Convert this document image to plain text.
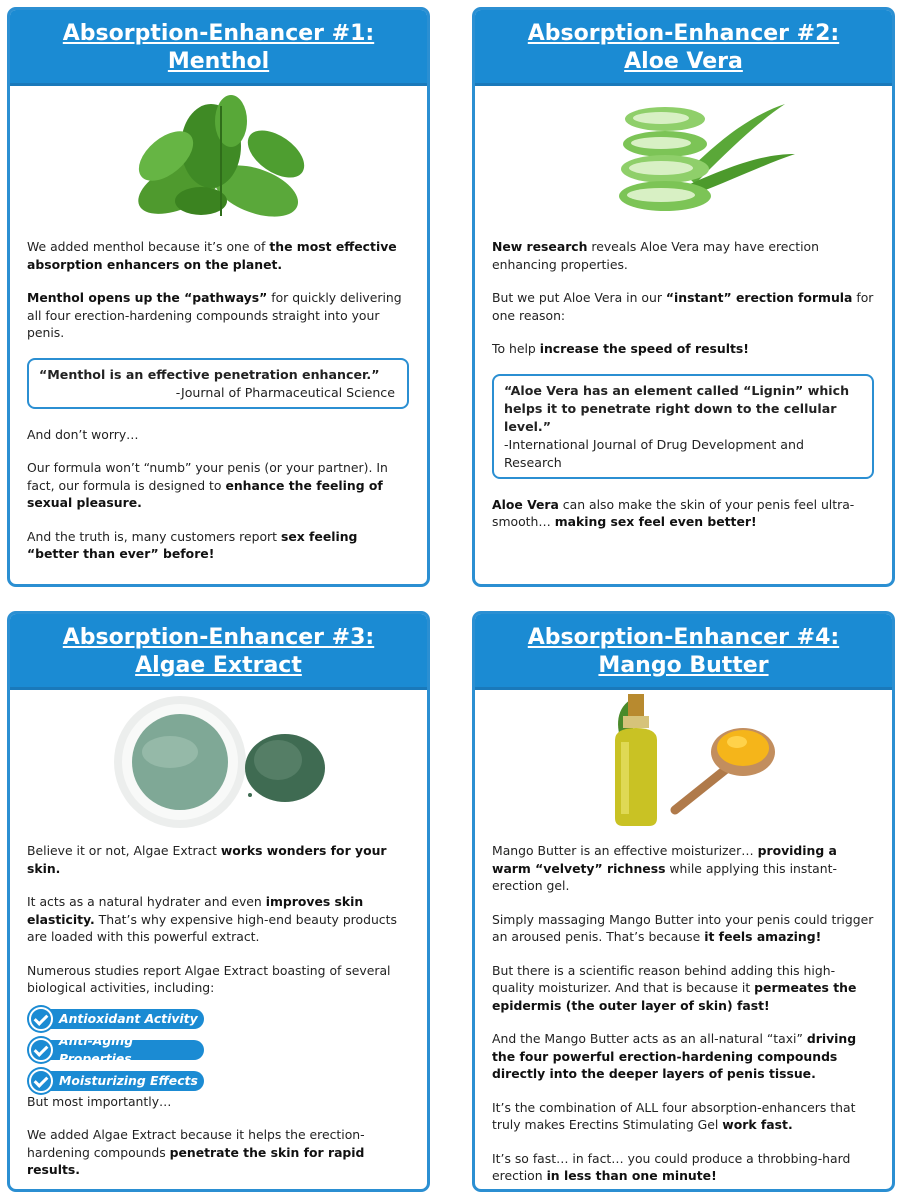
Absorption-Enhancer #1:
Menthol

We added menthol because it’s one of the most effective absorption enhancers on the planet.

Menthol opens up the “pathways” for quickly delivering all four erection-hardening compounds straight into your penis.

“Menthol is an effective penetration enhancer.”
-Journal of Pharmaceutical Science

And don’t worry…

Our formula won’t “numb” your penis (or your partner). In fact, our formula is designed to enhance the feeling of sexual pleasure.

And the truth is, many customers report sex feeling “better than ever” before!

Absorption-Enhancer #2:
Aloe Vera

New research reveals Aloe Vera may have erection enhancing properties.

But we put Aloe Vera in our “instant” erection formula for one reason:

To help increase the speed of results!

“Aloe Vera has an element called “Lignin” which helps it to penetrate right down to the cellular level.”
-International Journal of Drug Development and Research

Aloe Vera can also make the skin of your penis feel ultra-smooth… making sex feel even better!

Absorption-Enhancer #3:
Algae Extract

Believe it or not, Algae Extract works wonders for your skin.

It acts as a natural hydrater and even improves skin elasticity. That’s why expensive high-end beauty products are loaded with this powerful extract.

Numerous studies report Algae Extract boasting of several biological activities, including:

Antioxidant Activity
Anti-Aging Properties
Moisturizing Effects

But most importantly…

We added Algae Extract because it helps the erection-hardening compounds penetrate the skin for rapid results.

Absorption-Enhancer #4:
Mango Butter

Mango Butter is an effective moisturizer… providing a warm “velvety” richness while applying this instant-erection gel.

Simply massaging Mango Butter into your penis could trigger an aroused penis. That’s because it feels amazing!

But there is a scientific reason behind adding this high-quality moisturizer. And that is because it permeates the epidermis (the outer layer of skin) fast!

And the Mango Butter acts as an all-natural “taxi” driving the four powerful erection-hardening compounds directly into the deeper layers of penis tissue.

It’s the combination of ALL four absorption-enhancers that truly makes Erectins Stimulating Gel work fast.

It’s so fast… in fact… you could produce a throbbing-hard erection in less than one minute!
